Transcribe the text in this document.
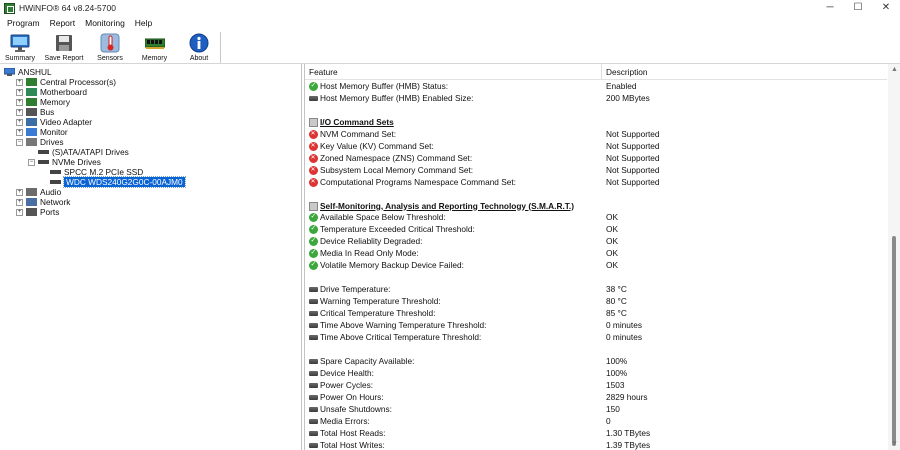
HWiNFO® 64 v8.24-5700	─	☐	✕
Program	Report	Monitoring	Help
Summary Save Report Sensors	Memory	About
ANSHUL
+ Central Processor(s)
+ Motherboard
+ Memory
+ Bus
+ Video Adapter
+ Monitor
− Drives
(S)ATA/ATAPI Drives
− NVMe Drives
SPCC M.2 PCIe SSD
WDC WDS240G2G0C-00AJM0
+ Audio
+ Network
+ Ports
Feature	Description
✓
Host Memory Buffer (HMB) Status:	Enabled
Host Memory Buffer (HMB) Enabled Size:	200 MBytes
I/O Command Sets
✕
NVM Command Set:	Not Supported
✕
Key Value (KV) Command Set:	Not Supported
✕
Zoned Namespace (ZNS) Command Set:	Not Supported
✕
Subsystem Local Memory Command Set:	Not Supported
✕
Computational Programs Namespace Command Set:	Not Supported
Self-Monitoring, Analysis and Reporting Technology (S.M.A.R.T.)
✓
Available Space Below Threshold:	OK
✓
Temperature Exceeded Critical Threshold:	OK
✓
Device Reliablity Degraded:	OK
✓
Media In Read Only Mode:	OK
✓
Volatile Memory Backup Device Failed:	OK
Drive Temperature:	38 °C
Warning Temperature Threshold:	80 °C
Critical Temperature Threshold:	85 °C
Time Above Warning Temperature Threshold:	0 minutes
Time Above Critical Temperature Threshold:	0 minutes
Spare Capacity Available:	100%
Device Health:	100%
Power Cycles:	1503
Power On Hours:	2829 hours
Unsafe Shutdowns:	150
Media Errors:	0
Total Host Reads:	1.30 TBytes
Total Host Writes:	1.39 TBytes
▲
▼
